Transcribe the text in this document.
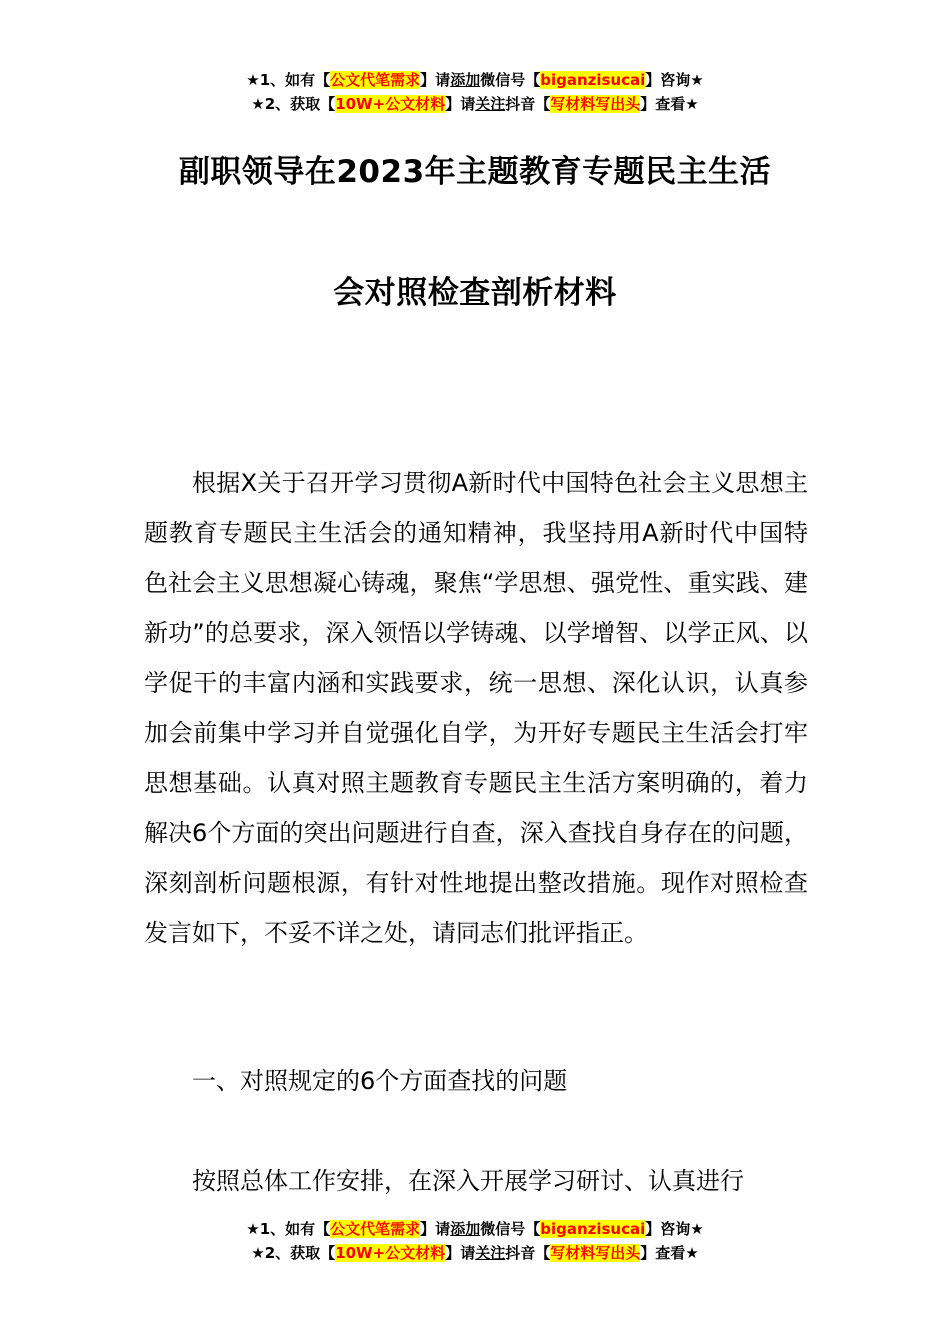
★1、如有【公文代笔需求】请添加微信号【biganzisucai】咨询★
★2、获取【10W+公文材料】请关注抖音【写材料写出头】查看★
副职领导在2023年主题教育专题民主生活
会对照检查剖析材料

根据X关于召开学习贯彻A新时代中国特色社会主义思想主题教育专题民主生活会的通知精神，我坚持用A新时代中国特色社会主义思想凝心铸魂，聚焦“学思想、强党性、重实践、建新功”的总要求，深入领悟以学铸魂、以学增智、以学正风、以学促干的丰富内涵和实践要求，统一思想、深化认识，认真参加会前集中学习并自觉强化自学，为开好专题民主生活会打牢思想基础。认真对照主题教育专题民主生活方案明确的，着力解决6个方面的突出问题进行自查，深入查找自身存在的问题，深刻剖析问题根源，有针对性地提出整改措施。现作对照检查发言如下，不妥不详之处，请同志们批评指正。

一、对照规定的6个方面查找的问题

按照总体工作安排，在深入开展学习研讨、认真进行

★1、如有【公文代笔需求】请添加微信号【biganzisucai】咨询★
★2、获取【10W+公文材料】请关注抖音【写材料写出头】查看★
